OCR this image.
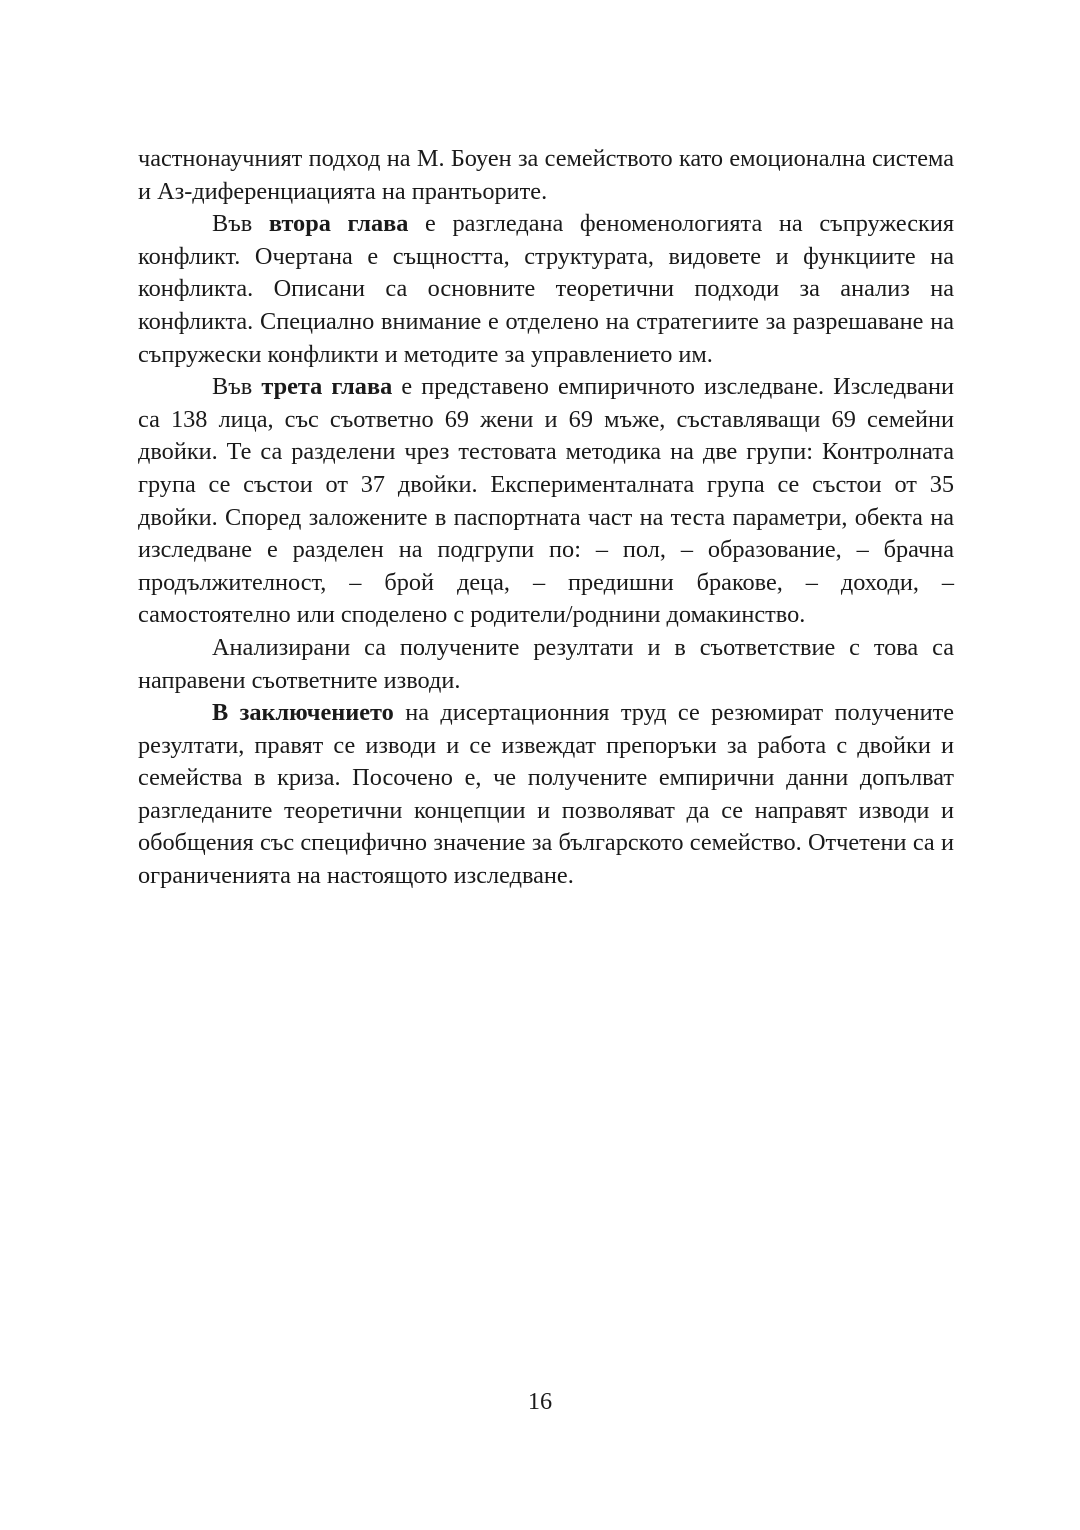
частнонаучният подход на М. Боуен за семейството като емоционална система и Аз-диференциацията на прантьорите.

Във втора глава е разгледана феноменологията на съпружеския конфликт. Очертана е същността, структурата, видовете и функциите на конфликта. Описани са основните теоретични подходи за анализ на конфликта. Специално внимание е отделено на стратегиите за разрешаване на съпружески конфликти и методите за управлението им.

Във трета глава е представено емпиричното изследване. Изследвани са 138 лица, със съответно 69 жени и 69 мъже, съставляващи 69 семейни двойки. Те са разделени чрез тестовата методика на две групи: Контролната група се състои от 37 двойки. Експерименталната група се състои от 35 двойки. Според заложените в паспортната част на теста параметри, обекта на изследване е разделен на подгрупи по: – пол, – образование, – брачна продължителност, – брой деца, – предишни бракове, – доходи, – самостоятелно или споделено с родители/роднини домакинство.

Анализирани са получените резултати и в съответствие с това са направени съответните изводи.

В заключението на дисертационния труд се резюмират получените резултати, правят се изводи и се извеждат препоръки за работа с двойки и семейства в криза. Посочено е, че получените емпирични данни допълват разгледаните теоретични концепции и позволяват да се направят изводи и обобщения със специфично значение за българското семейство. Отчетени са и ограниченията на настоящото изследване.

16
